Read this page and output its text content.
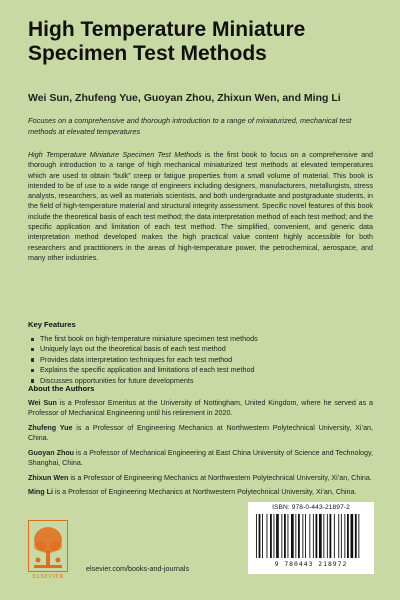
High Temperature Miniature Specimen Test Methods
Wei Sun, Zhufeng Yue, Guoyan Zhou, Zhixun Wen, and Ming Li
Focuses on a comprehensive and thorough introduction to a range of miniaturized, mechanical test methods at elevated temperatures
High Temperature Miniature Specimen Test Methods is the first book to focus on a comprehensive and thorough introduction to a range of high mechanical miniaturized test methods at elevated temperatures which are used to obtain “bulk” creep or fatigue properties from a small volume of material. This book is intended to be of use to a wide range of engineers including designers, manufacturers, metallurgists, stress analysts, researchers, as well as materials scientists, and both undergraduate and postgraduate students, in the field of high-temperature material and structural integrity assessment. Specific novel features of this book include the theoretical basis of each test method; the data interpretation method of each test method; and the specific application and limitation of each test method. The simplified, convenient, and generic data interpretation method developed makes the high practical value content highly accessible for both researchers and practitioners in the areas of high-temperature power, the petrochemical, aerospace, and many other industries.
Key Features
The first book on high-temperature miniature specimen test methods
Uniquely lays out the theoretical basis of each test method
Provides data interpretation techniques for each test method
Explains the specific application and limitations of each test method
Discusses opportunities for future developments
About the Authors
Wei Sun is a Professor Emeritus at the University of Nottingham, United Kingdom, where he served as a Professor of Mechanical Engineering until his retirement in 2020.
Zhufeng Yue is a Professor of Engineering Mechanics at Northwestern Polytechnical University, Xi’an, China.
Guoyan Zhou is a Professor of Mechanical Engineering at East China University of Science and Technology, Shanghai, China.
Zhixun Wen is a Professor of Engineering Mechanics at Northwestern Polytechnical University, Xi’an, China.
Ming Li is a Professor of Engineering Mechanics at Northwestern Polytechnical University, Xi’an, China.
ELSEVIER
elsevier.com/books-and-journals
ISBN: 978-0-443-21897-2
9 780443 218972
